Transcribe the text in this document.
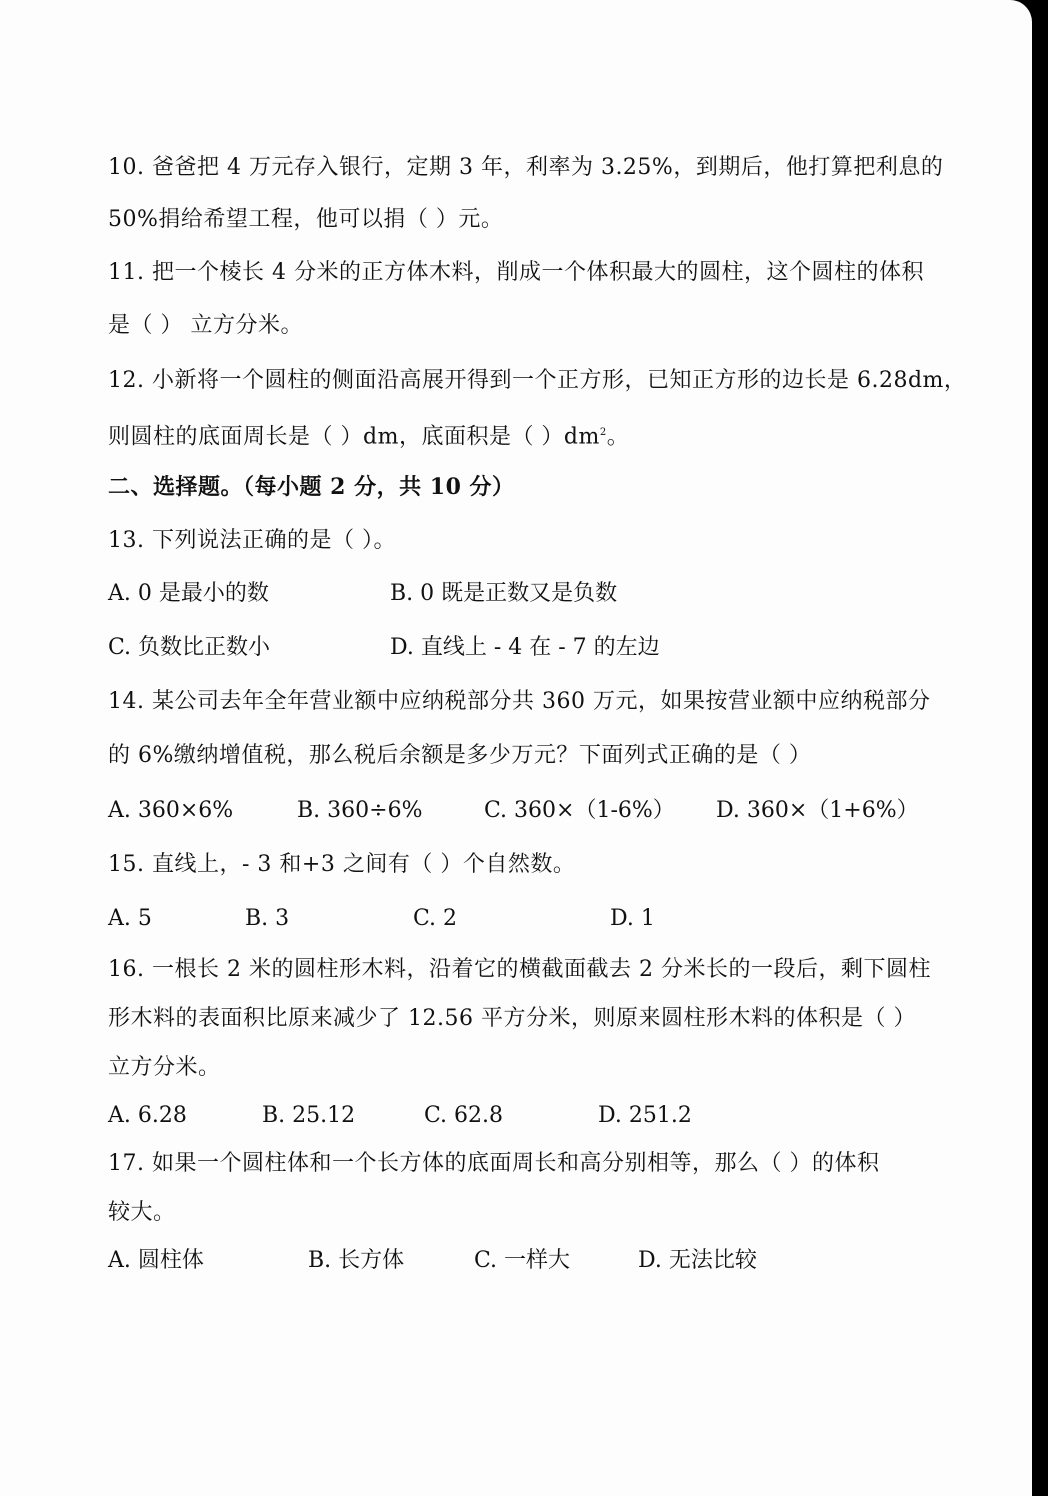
10. 爸爸把 4 万元存入银行，定期 3 年，利率为 3.25%，到期后，他打算把利息的
50%捐给希望工程，他可以捐（ ）元。
11. 把一个棱长 4 分米的正方体木料，削成一个体积最大的圆柱，这个圆柱的体积
是（ ） 立方分米。
12. 小新将一个圆柱的侧面沿高展开得到一个正方形，已知正方形的边长是 6.28dm，
则圆柱的底面周长是（ ）dm，底面积是（ ）$dm^2$。
二、选择题。（每小题 2 分，共 10 分）
13. 下列说法正确的是（ ）。
A. 0 是最小的数	B. 0 既是正数又是负数
C. 负数比正数小	D. 直线上 - 4 在 - 7 的左边
14. 某公司去年全年营业额中应纳税部分共 360 万元，如果按营业额中应纳税部分
的 6%缴纳增值税，那么税后余额是多少万元？下面列式正确的是（ ）
A. 360×6%	B. 360÷6%	C. 360×（1-6%） D. 360×（1+6%）
15. 直线上，- 3 和+3 之间有（ ）个自然数。
A. 5	B. 3	C. 2	D. 1
16. 一根长 2 米的圆柱形木料，沿着它的横截面截去 2 分米长的一段后，剩下圆柱
形木料的表面积比原来减少了 12.56 平方分米，则原来圆柱形木料的体积是（ ）
立方分米。
A. 6.28	B. 25.12	C. 62.8	D. 251.2
17. 如果一个圆柱体和一个长方体的底面周长和高分别相等，那么（ ）的体积
较大。
A. 圆柱体	B. 长方体	C. 一样大	D. 无法比较
